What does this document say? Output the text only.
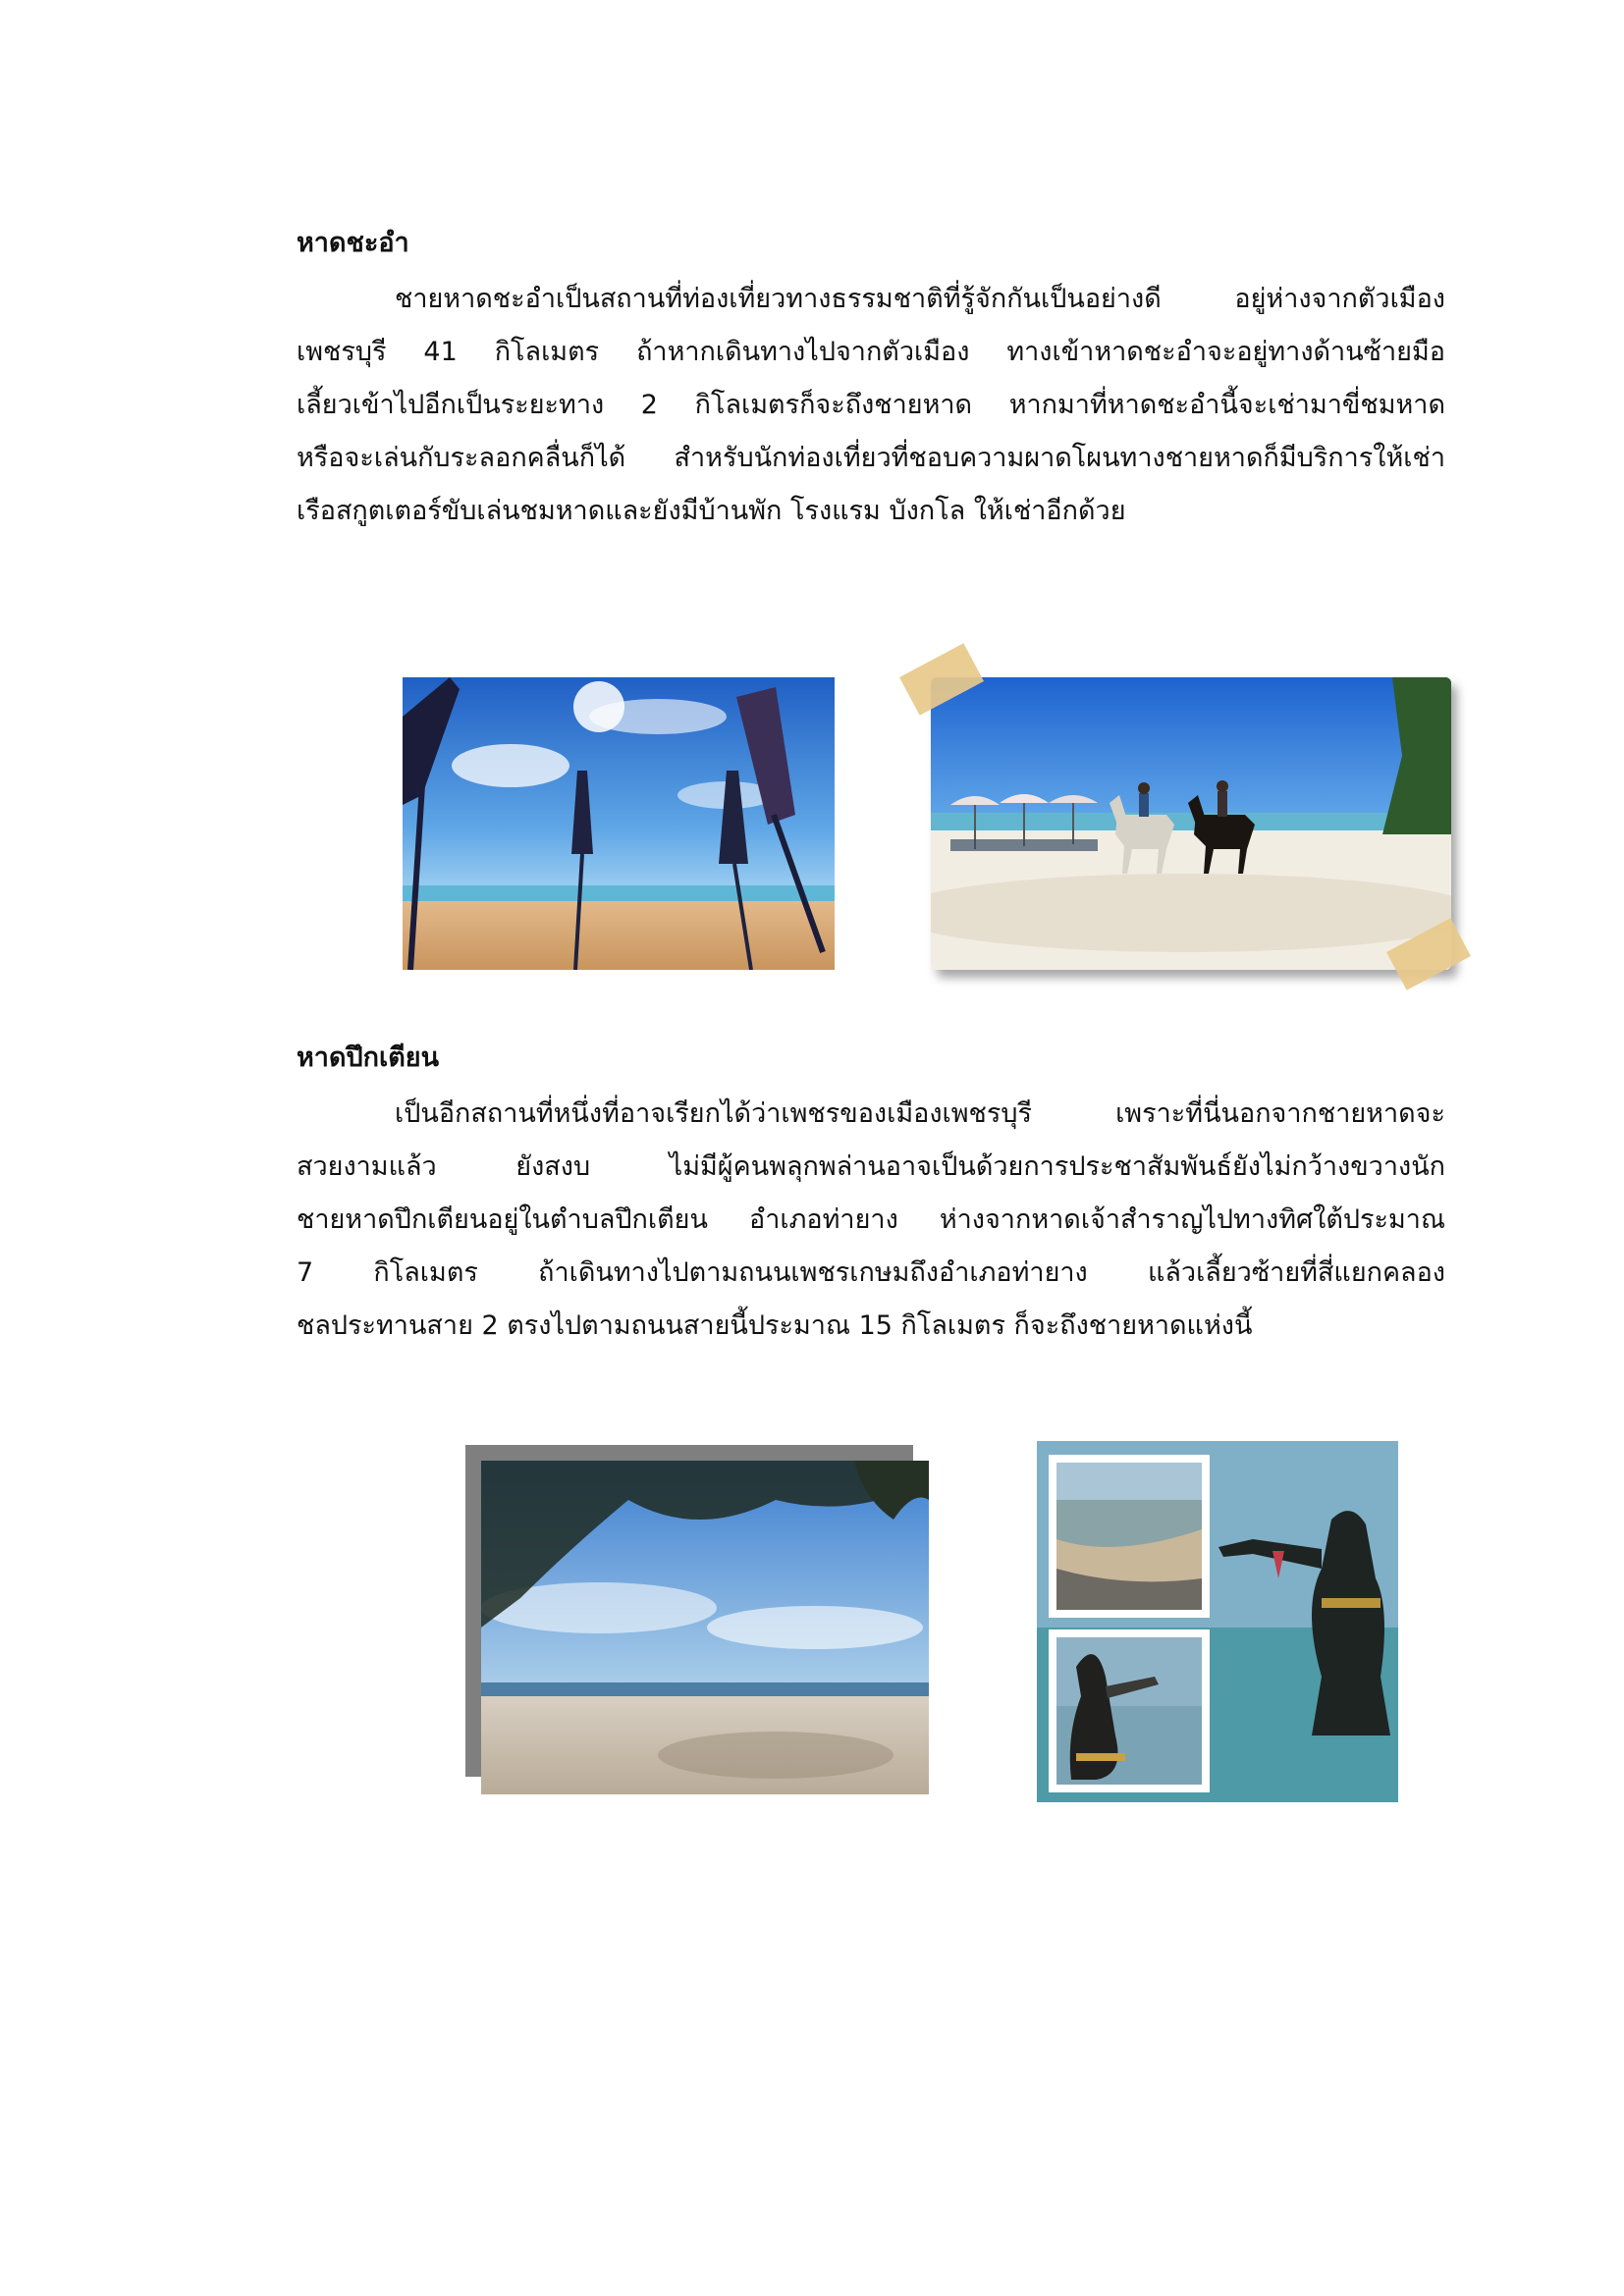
หาดชะอำ
ชายหาดชะอำเป็นสถานที่ท่องเที่ยวทางธรรมชาติที่รู้จักกันเป็นอย่างดี อยู่ห่างจากตัวเมือง
เพชรบุรี 41 กิโลเมตร ถ้าหากเดินทางไปจากตัวเมือง ทางเข้าหาดชะอำจะอยู่ทางด้านซ้ายมือ
เลี้ยวเข้าไปอีกเป็นระยะทาง 2 กิโลเมตรก็จะถึงชายหาด หากมาที่หาดชะอำนี้จะเช่ามาขี่ชมหาด
หรือจะเล่นกับระลอกคลื่นก็ได้ สำหรับนักท่องเที่ยวที่ชอบความผาดโผนทางชายหาดก็มีบริการให้เช่า
เรือสกูตเตอร์ขับเล่นชมหาดและยังมีบ้านพัก โรงแรม บังกโล ให้เช่าอีกด้วย
หาดปึกเตียน
เป็นอีกสถานที่หนึ่งที่อาจเรียกได้ว่าเพชรของเมืองเพชรบุรี เพราะที่นี่นอกจากชายหาดจะ
สวยงามแล้ว ยังสงบ ไม่มีผู้คนพลุกพล่านอาจเป็นด้วยการประชาสัมพันธ์ยังไม่กว้างขวางนัก
ชายหาดปึกเตียนอยู่ในตำบลปึกเตียน อำเภอท่ายาง ห่างจากหาดเจ้าสำราญไปทางทิศใต้ประมาณ
7 กิโลเมตร ถ้าเดินทางไปตามถนนเพชรเกษมถึงอำเภอท่ายาง แล้วเลี้ยวซ้ายที่สี่แยกคลอง
ชลประทานสาย 2 ตรงไปตามถนนสายนี้ประมาณ 15 กิโลเมตร ก็จะถึงชายหาดแห่งนี้
